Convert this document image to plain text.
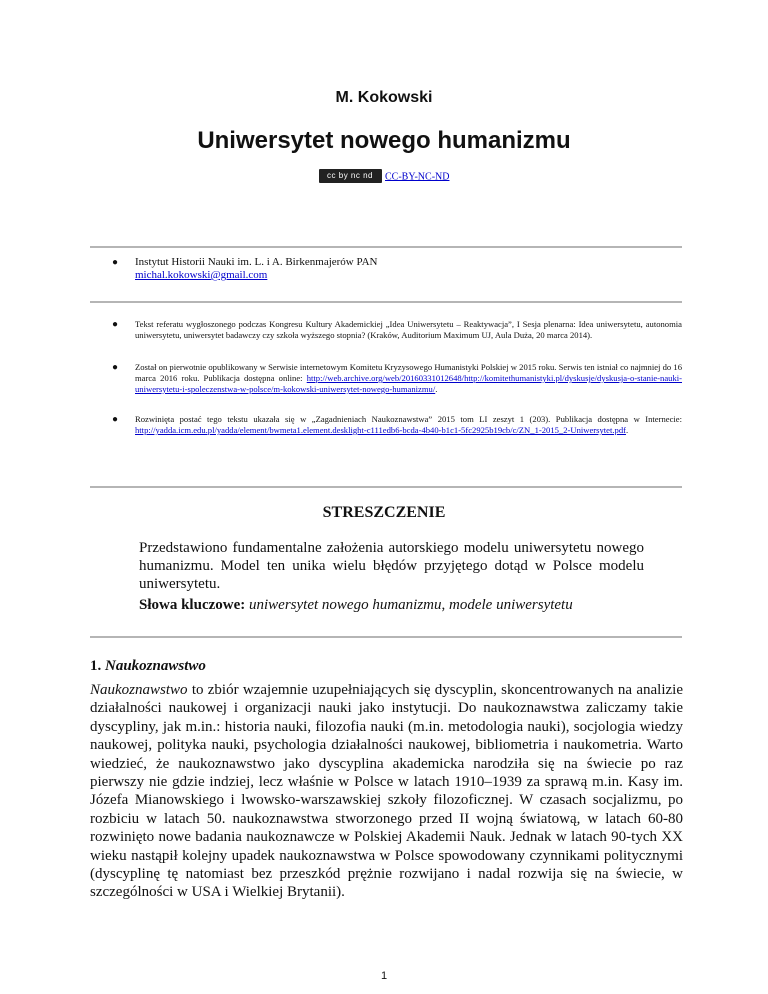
M. Kokowski
Uniwersytet nowego humanizmu
cc by nc nd CC-BY-NC-ND
● Instytut Historii Nauki im. L. i A. Birkenmajerów PAN
michal.kokowski@gmail.com
● Tekst referatu wygłoszonego podczas Kongresu Kultury Akademickiej „Idea Uniwersytetu – Reaktywacja”, I Sesja plenarna: Idea uniwersytetu, autonomia uniwersytetu, uniwersytet badawczy czy szkoła wyższego stopnia? (Kraków, Auditorium Maximum UJ, Aula Duża, 20 marca 2014).
● Został on pierwotnie opublikowany w Serwisie internetowym Komitetu Kryzysowego Humanistyki Polskiej w 2015 roku. Serwis ten istniał co najmniej do 16 marca 2016 roku. Publikacja dostępna online: http://web.archive.org/web/20160331012648/http://komitethumanistyki.pl/dyskusje/dyskusja-o-stanie-nauki-uniwersytetu-i-spoleczenstwa-w-polsce/m-kokowski-uniwersytet-nowego-humanizmu/.
● Rozwinięta postać tego tekstu ukazała się w „Zagadnieniach Naukoznawstwa” 2015 tom LI zeszyt 1 (203). Publikacja dostępna w Internecie: http://yadda.icm.edu.pl/yadda/element/bwmeta1.element.desklight-c111edb6-bcda-4b40-b1c1-5fc2925b19cb/c/ZN_1-2015_2-Uniwersytet.pdf.
STRESZCZENIE
Przedstawiono fundamentalne założenia autorskiego modelu uniwersytetu nowego humanizmu. Model ten unika wielu błędów przyjętego dotąd w Polsce modelu uniwersytetu.
Słowa kluczowe: uniwersytet nowego humanizmu, modele uniwersytetu
1. Naukoznawstwo
Naukoznawstwo to zbiór wzajemnie uzupełniających się dyscyplin, skoncentrowanych na analizie działalności naukowej i organizacji nauki jako instytucji. Do naukoznawstwa zaliczamy takie dyscypliny, jak m.in.: historia nauki, filozofia nauki (m.in. metodologia nauki), socjologia wiedzy naukowej, polityka nauki, psychologia działalności naukowej, bibliometria i naukometria. Warto wiedzieć, że naukoznawstwo jako dyscyplina akademicka narodziła się na świecie po raz pierwszy nie gdzie indziej, lecz właśnie w Polsce w latach 1910–1939 za sprawą m.in. Kasy im. Józefa Mianowskiego i lwowsko-warszawskiej szkoły filozoficznej. W czasach socjalizmu, po rozbiciu w latach 50. naukoznawstwa stworzonego przed II wojną światową, w latach 60-80 rozwinięto nowe badania naukoznawcze w Polskiej Akademii Nauk. Jednak w latach 90-tych XX wieku nastąpił kolejny upadek naukoznawstwa w Polsce spowodowany czynnikami politycznymi (dyscyplinę tę natomiast bez przeszkód prężnie rozwijano i nadal rozwija się na świecie, w szczególności w USA i Wielkiej Brytanii).
1
